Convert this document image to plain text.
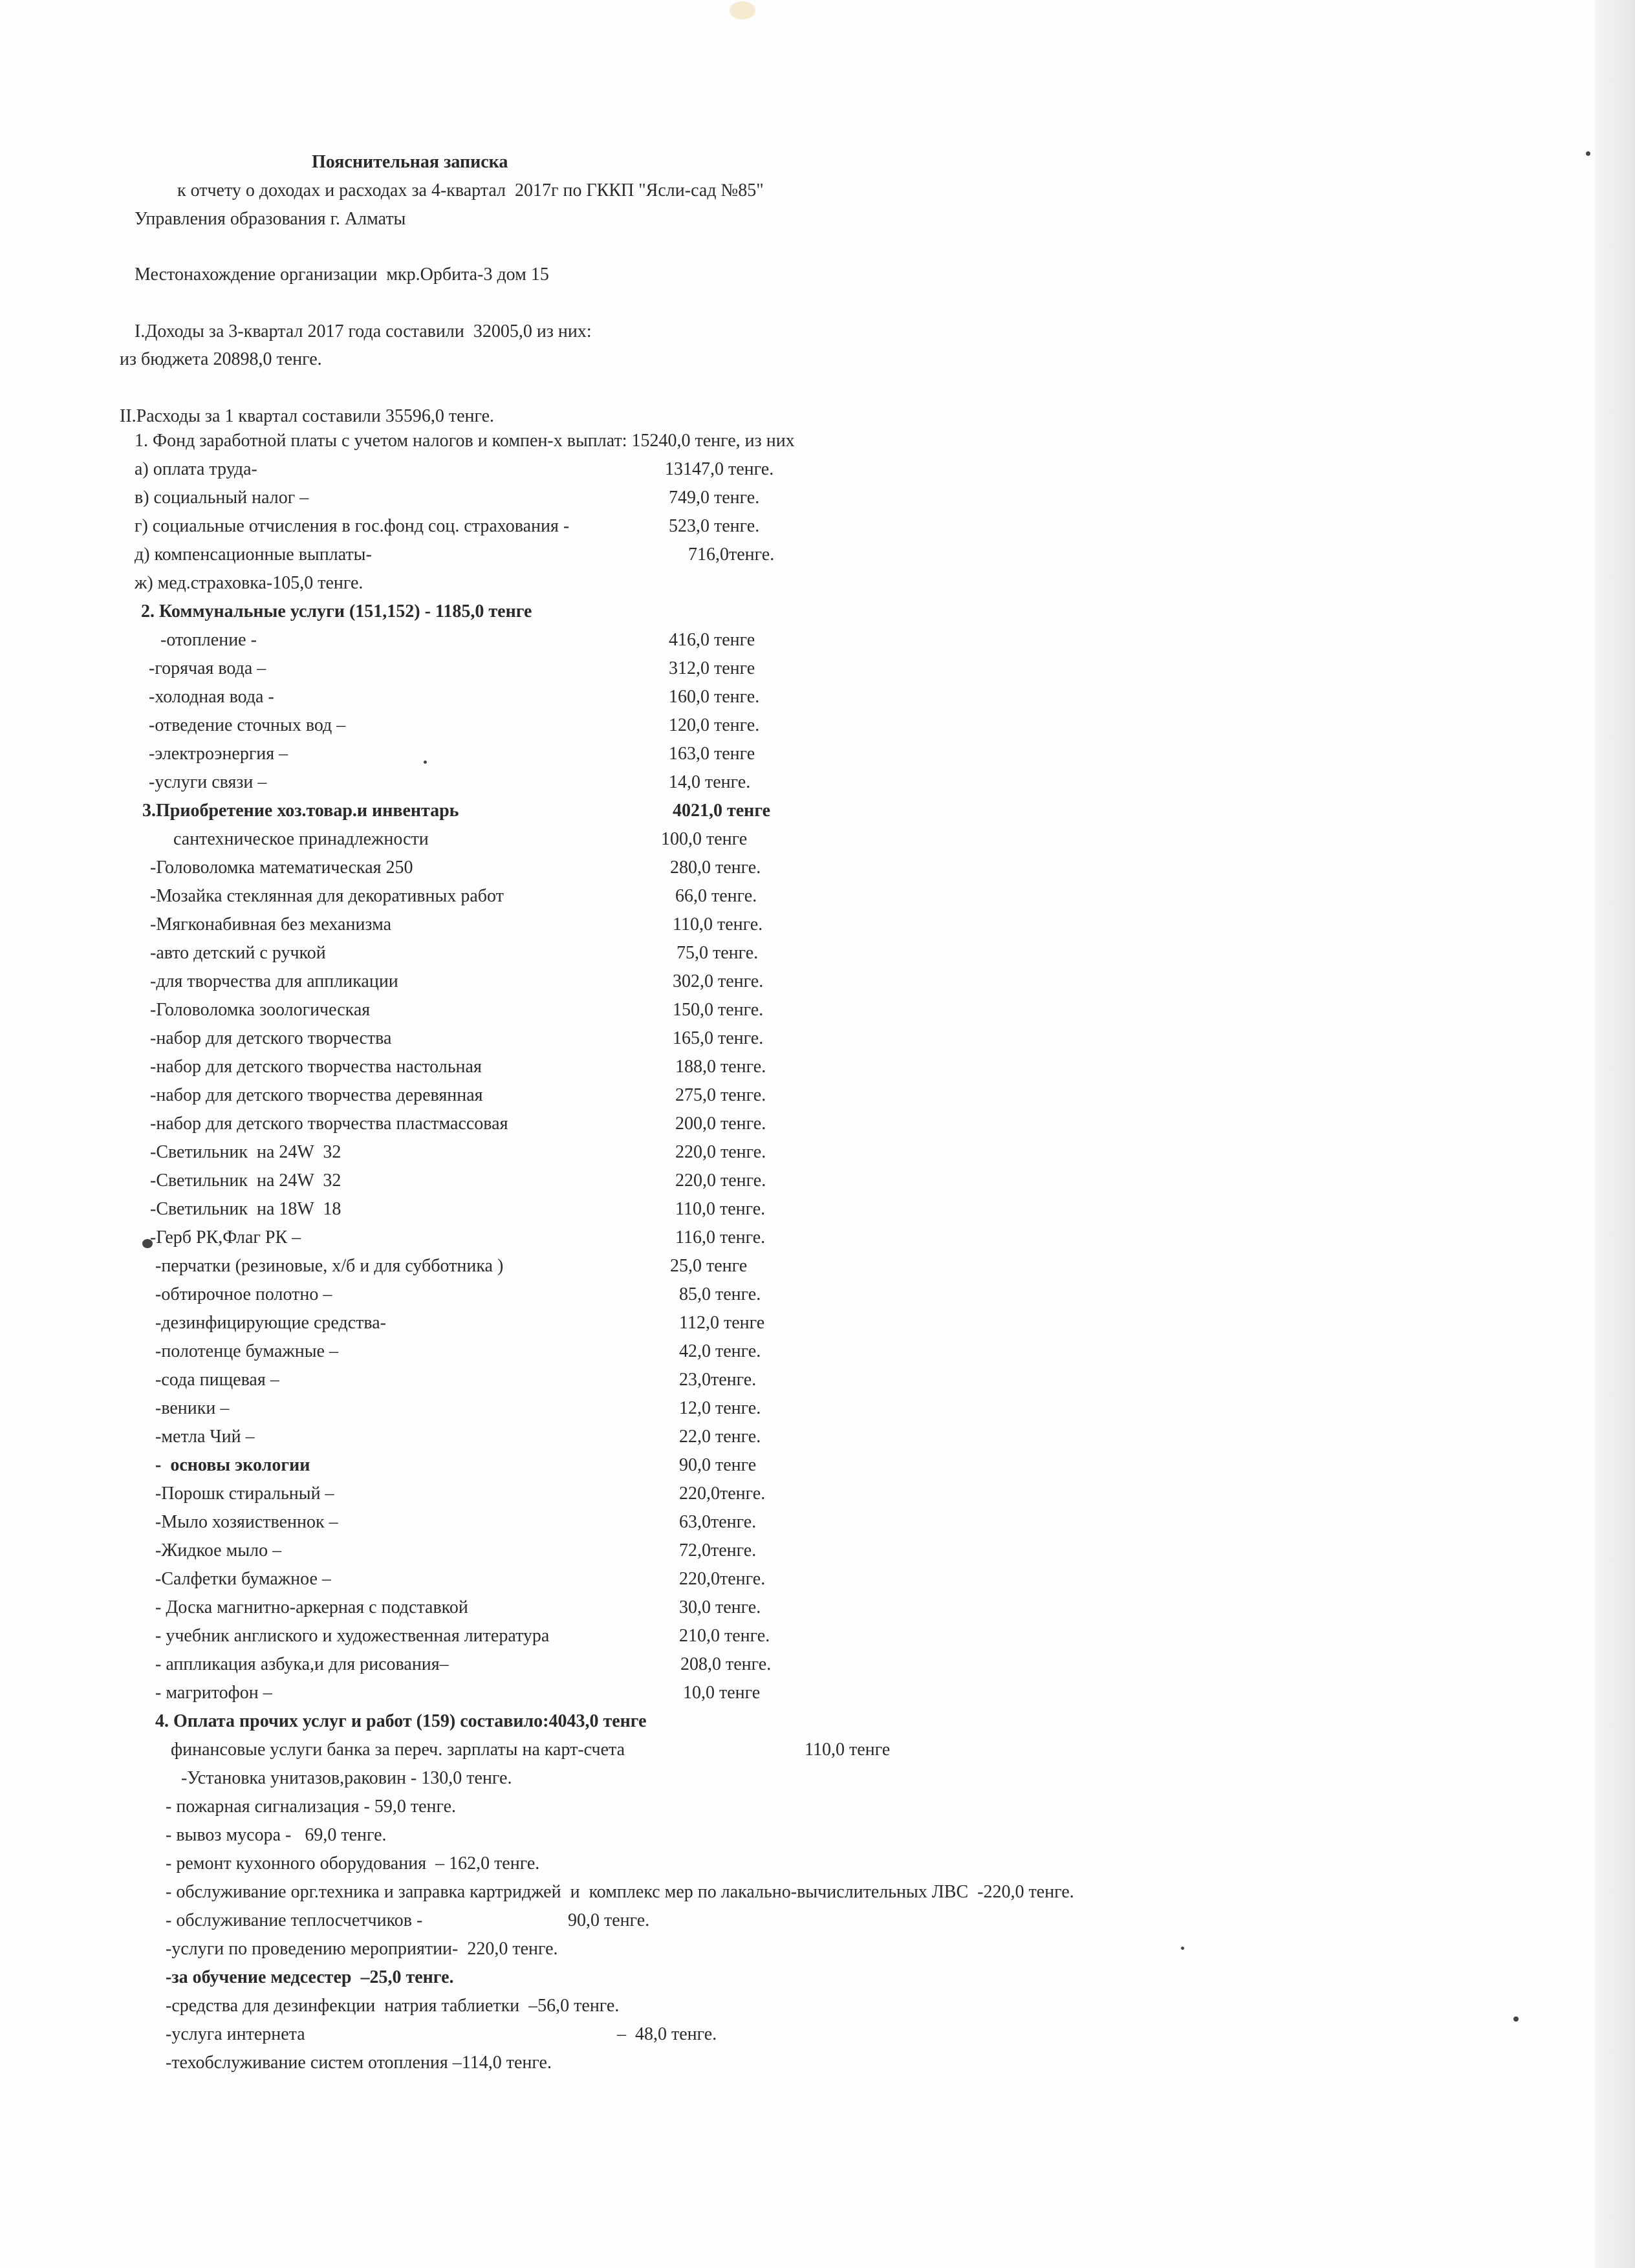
Пояснительная записка
к отчету о доходах и расходах за 4-квартал  2017г по ГККП "Ясли-сад №85"
Управления образования г. Алматы
Местонахождение организации  мкр.Орбита-3 дом 15
I.Доходы за 3-квартал 2017 года составили  32005,0 из них:
из бюджета 20898,0 тенге.
II.Расходы за 1 квартал составили 35596,0 тенге.
1. Фонд заработной платы с учетом налогов и компен-х выплат: 15240,0 тенге, из них
а) оплата труда-	13147,0 тенге.
в) социальный налог –	749,0 тенге.
г) социальные отчисления в гос.фонд соц. страхования -	523,0 тенге.
д) компенсационные выплаты-	716,0тенге.
ж) мед.страховка-105,0 тенге.
2. Коммунальные услуги (151,152) - 1185,0 тенге
-отопление -	416,0 тенге
-горячая вода –	312,0 тенге
-холодная вода -	160,0 тенге.
-отведение сточных вод –	120,0 тенге.
-электроэнергия –	163,0 тенге
-услуги связи –	14,0 тенге.
3.Приобретение хоз.товар.и инвентарь	4021,0 тенге
сантехническое принадлежности	100,0 тенге
-Головоломка математическая 250	280,0 тенге.
-Мозайка стеклянная для декоративных работ	66,0 тенге.
-Мягконабивная без механизма	110,0 тенге.
-авто детский с ручкой	75,0 тенге.
-для творчества для аппликации	302,0 тенге.
-Головоломка зоологическая	150,0 тенге.
-набор для детского творчества	165,0 тенге.
-набор для детского творчества настольная	188,0 тенге.
-набор для детского творчества деревянная	275,0 тенге.
-набор для детского творчества пластмассовая	200,0 тенге.
-Светильник  на 24W  32	220,0 тенге.
-Светильник  на 24W  32	220,0 тенге.
-Светильник  на 18W  18	110,0 тенге.
-Герб РК,Флаг РК –	116,0 тенге.
-перчатки (резиновые, х/б и для субботника )	25,0 тенге
-обтирочное полотно –	85,0 тенге.
-дезинфицирующие средства-	112,0 тенге
-полотенце бумажные –	42,0 тенге.
-сода пищевая –	23,0тенге.
-веники –	12,0 тенге.
-метла Чий –	22,0 тенге.
-  основы экологии	90,0 тенге
-Порошк стиральный –	220,0тенге.
-Мыло хозяиственнок –	63,0тенге.
-Жидкое мыло –	72,0тенге.
-Салфетки бумажное –	220,0тенге.
- Доска магнитно-аркерная с подставкой	30,0 тенге.
- учебник англиского и художественная литература	210,0 тенге.
- аппликация азбука,и для рисования–	208,0 тенге.
- магритофон –	10,0 тенге
4. Оплата прочих услуг и работ (159) составило:4043,0 тенге
финансовые услуги банка за переч. зарплаты на карт-счета	110,0 тенге
-Установка унитазов,раковин - 130,0 тенге.
- пожарная сигнализация - 59,0 тенге.
- вывоз мусора -   69,0 тенге.
- ремонт кухонного оборудования  – 162,0 тенге.
- обслуживание орг.техника и заправка картриджей  и  комплекс мер по лакально-вычислительных ЛВС  -220,0 тенге.
- обслуживание теплосчетчиков -	90,0 тенге.
-услуги по проведению мероприятии-  220,0 тенге.
-за обучение медсестер  –25,0 тенге.
-средства для дезинфекции  натрия таблиетки  –56,0 тенге.
-услуга интернета	–  48,0 тенге.
-техобслуживание систем отопления –114,0 тенге.
